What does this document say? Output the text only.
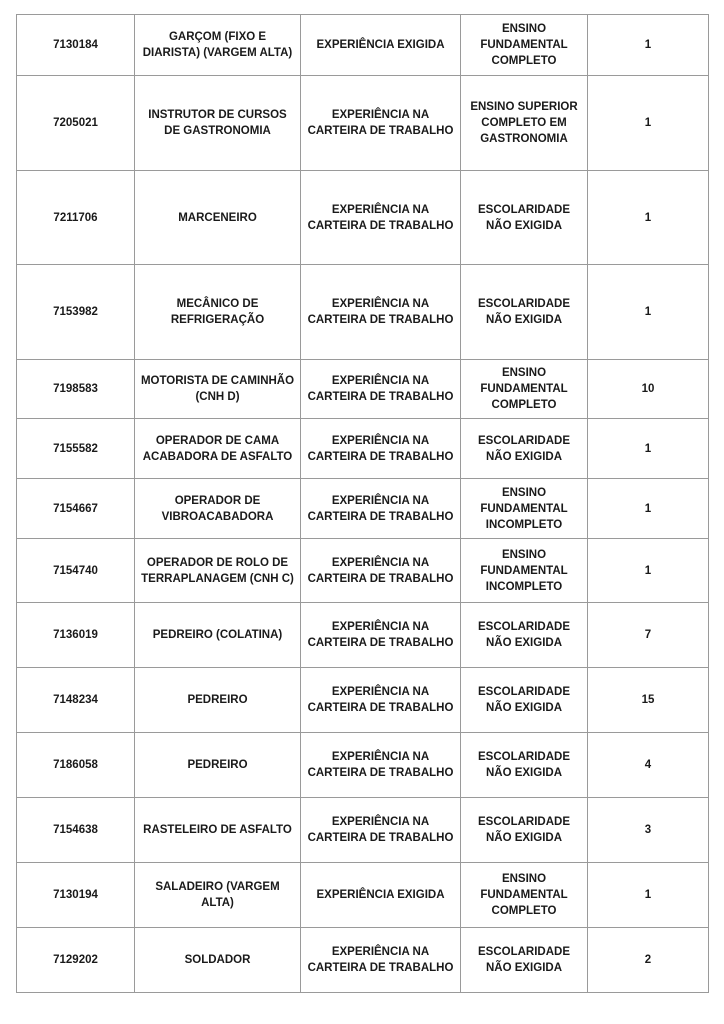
7130184	GARÇOM (FIXO E DIARISTA) (VARGEM ALTA)	EXPERIÊNCIA EXIGIDA	ENSINO FUNDAMENTAL COMPLETO	1
7205021	INSTRUTOR DE CURSOS DE GASTRONOMIA	EXPERIÊNCIA NA CARTEIRA DE TRABALHO	ENSINO SUPERIOR COMPLETO EM GASTRONOMIA	1
7211706	MARCENEIRO	EXPERIÊNCIA NA CARTEIRA DE TRABALHO	ESCOLARIDADE NÃO EXIGIDA	1
7153982	MECÂNICO DE REFRIGERAÇÃO	EXPERIÊNCIA NA CARTEIRA DE TRABALHO	ESCOLARIDADE NÃO EXIGIDA	1
7198583	MOTORISTA DE CAMINHÃO (CNH D)	EXPERIÊNCIA NA CARTEIRA DE TRABALHO	ENSINO FUNDAMENTAL COMPLETO	10
7155582	OPERADOR DE CAMA ACABADORA DE ASFALTO	EXPERIÊNCIA NA CARTEIRA DE TRABALHO	ESCOLARIDADE NÃO EXIGIDA	1
7154667	OPERADOR DE VIBROACABADORA	EXPERIÊNCIA NA CARTEIRA DE TRABALHO	ENSINO FUNDAMENTAL INCOMPLETO	1
7154740	OPERADOR DE ROLO DE TERRAPLANAGEM (CNH C)	EXPERIÊNCIA NA CARTEIRA DE TRABALHO	ENSINO FUNDAMENTAL INCOMPLETO	1
7136019	PEDREIRO (COLATINA)	EXPERIÊNCIA NA CARTEIRA DE TRABALHO	ESCOLARIDADE NÃO EXIGIDA	7
7148234	PEDREIRO	EXPERIÊNCIA NA CARTEIRA DE TRABALHO	ESCOLARIDADE NÃO EXIGIDA	15
7186058	PEDREIRO	EXPERIÊNCIA NA CARTEIRA DE TRABALHO	ESCOLARIDADE NÃO EXIGIDA	4
7154638	RASTELEIRO DE ASFALTO	EXPERIÊNCIA NA CARTEIRA DE TRABALHO	ESCOLARIDADE NÃO EXIGIDA	3
7130194	SALADEIRO (VARGEM ALTA)	EXPERIÊNCIA EXIGIDA	ENSINO FUNDAMENTAL COMPLETO	1
7129202	SOLDADOR	EXPERIÊNCIA NA CARTEIRA DE TRABALHO	ESCOLARIDADE NÃO EXIGIDA	2
